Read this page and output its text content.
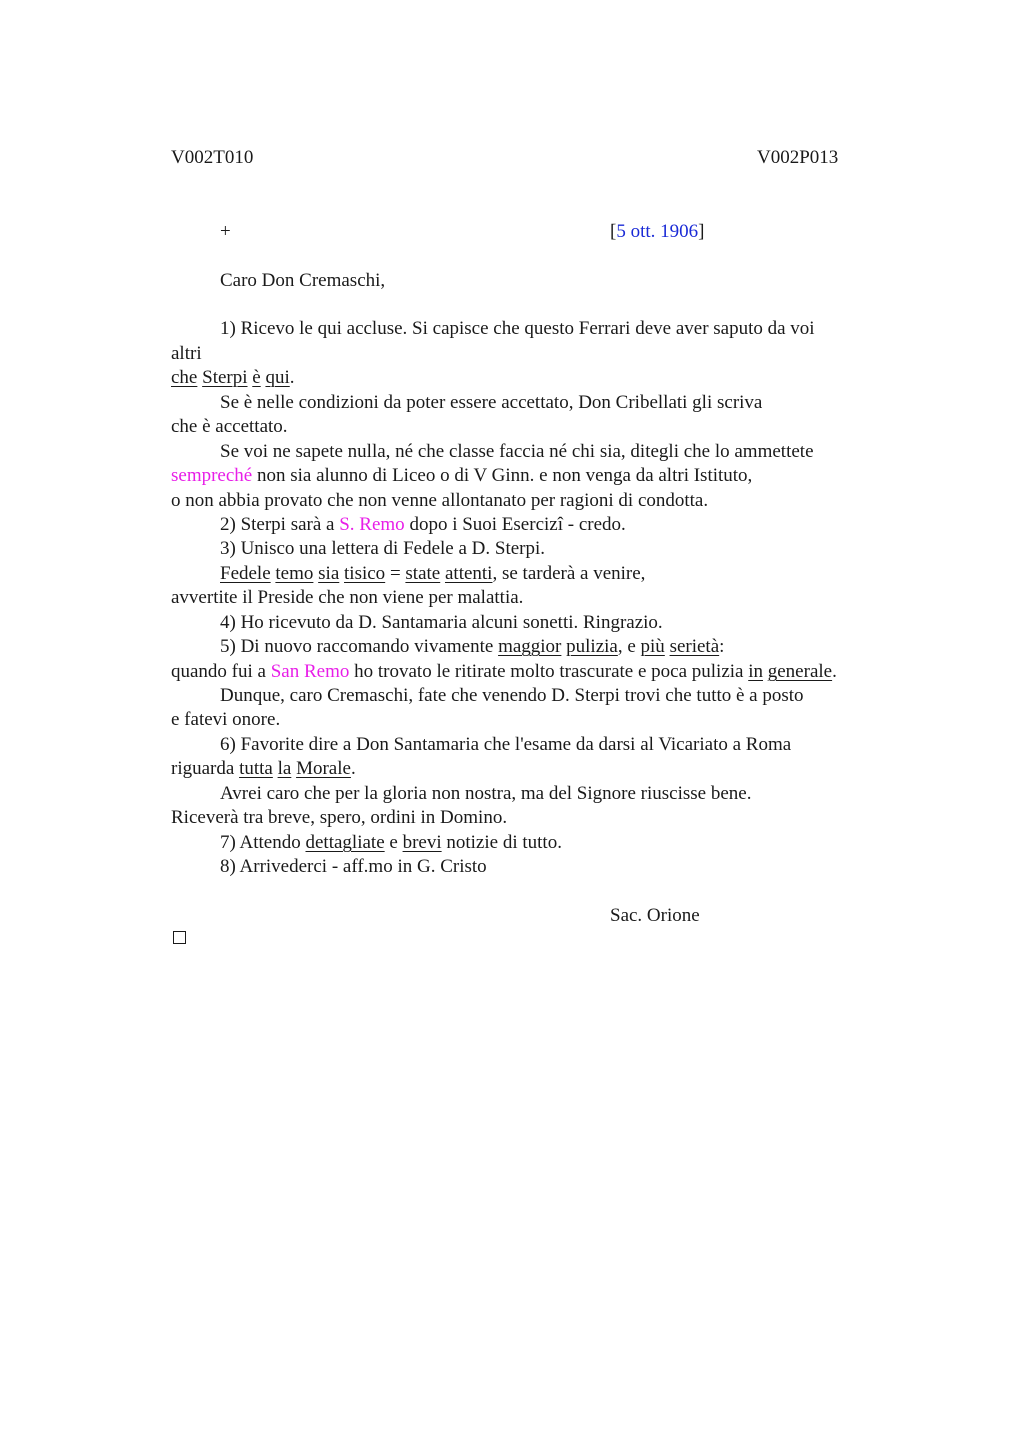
V002T010	V002P013
+	[5 ott. 1906]
Caro Don Cremaschi,
1) Ricevo le qui accluse. Si capisce che questo Ferrari deve aver saputo da voi
altri
che Sterpi è qui.
Se è nelle condizioni da poter essere accettato, Don Cribellati gli scriva
che è accettato.
Se voi ne sapete nulla, né che classe faccia né chi sia, ditegli che lo ammettete
sempreché non sia alunno di Liceo o di V Ginn. e non venga da altri Istituto,
o non abbia provato che non venne allontanato per ragioni di condotta.
2) Sterpi sarà a S. Remo dopo i Suoi Esercizi - credo.
3) Unisco una lettera di Fedele a D. Sterpi.
Fedele temo sia tisico = state attenti, se tarderà a venire,
avvertite il Preside che non viene per malattia.
4) Ho ricevuto da D. Santamaria alcuni sonetti. Ringrazio.
5) Di nuovo raccomando vivamente maggior pulizia, e più serietà:
quando fui a San Remo ho trovato le ritirate molto trascurate e poca pulizia in generale.
Dunque, caro Cremaschi, fate che venendo D. Sterpi trovi che tutto è a posto
e fatevi onore.
6) Favorite dire a Don Santamaria che l'esame da darsi al Vicariato a Roma
riguarda tutta la Morale.
Avrei caro che per la gloria non nostra, ma del Signore riuscisse bene.
Riceverà tra breve, spero, ordini in Domino.
7) Attendo dettagliate e brevi notizie di tutto.
8) Arrivederci - aff.mo in G. Cristo
Sac. Orione
